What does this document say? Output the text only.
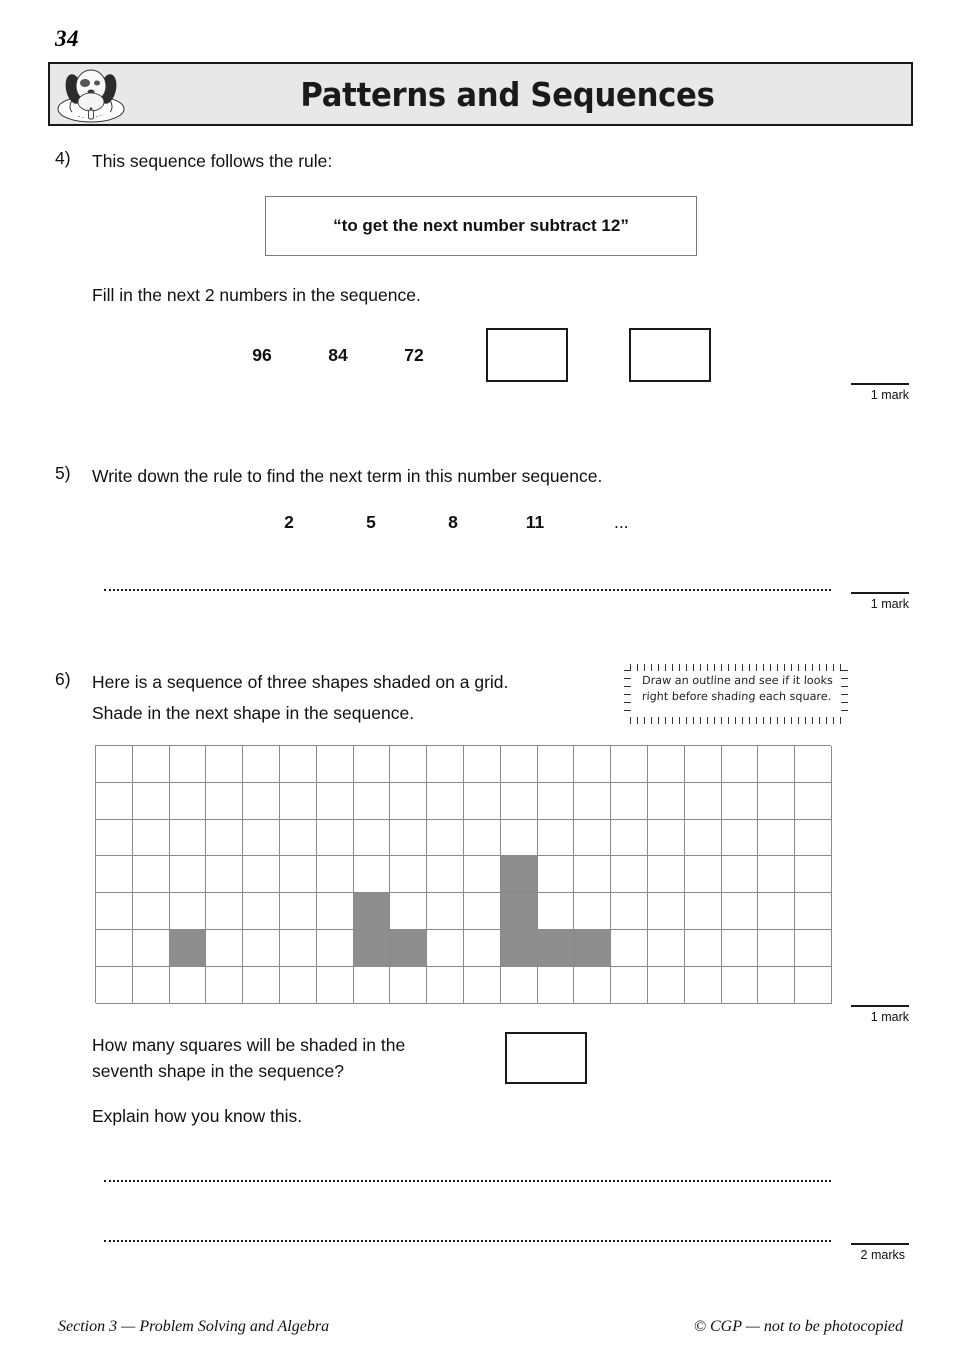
34
Patterns and Sequences
4) This sequence follows the rule:
“to get the next number subtract 12”
Fill in the next 2 numbers in the sequence.
96	84	72
1 mark
5) Write down the rule to find the next term in this number sequence.
2	5	8	11	...
1 mark
6) Here is a sequence of three shapes shaded on a grid.
Shade in the next shape in the sequence.
Draw an outline and see if it looks right before shading each square.
1 mark
How many squares will be shaded in the
seventh shape in the sequence?
Explain how you know this.
2 marks
Section 3 — Problem Solving and Algebra	© CGP — not to be photocopied
